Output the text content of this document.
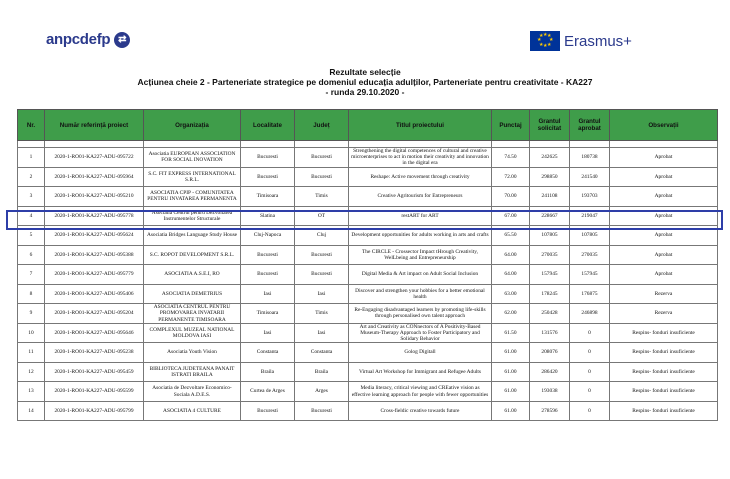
anpcdefp ⇄	★ ★
★
★
★
★
★
★ Erasmus+
Rezultate selecție
Acțiunea cheie 2 - Parteneriate strategice pe domeniul educația adulților, Parteneriate pentru creativitate - KA227
- runda 29.10.2020 -
Nr.	Număr referință proiect	Organizația	Localitate	Județ	Titlul proiectului	Punctaj	Grantul solicitat	Grantul aprobat	Observații

1	2020-1-RO01-KA227-ADU-095722	Asociatia EUROPEAN ASSOCIATION FOR SOCIAL INOVATION	Bucuresti	Bucuresti	Strengthening the digital competences of cultural and creative microenterprises to act in motion their creativity and innovation in the digital era	74.50	242625	180738	Aprobat
2	2020-1-RO01-KA227-ADU-095964	S.C. FIT EXPRESS INTERNATIONAL S.R.L.	Bucuresti	Bucuresti	Reshape: Active movement through creativity	72.00	298850	241540	Aprobat
3	2020-1-RO01-KA227-ADU-095210	ASOCIATIA CPIP - COMUNITATEA PENTRU INVATAREA PERMANENTA	Timisoara	Timis	Creative Agritourism for Entrepreneurs	70.00	241108	193703	Aprobat
4	2020-1-RO01-KA227-ADU-095778	Asociatia Centrul pentru Dezvoltarea Instrumentelor Structurale	Slatina	OT	restART for ART	67.00	228667	219047	Aprobat
5	2020-1-RO01-KA227-ADU-095624	Asociatia Bridges Language Study House	Cluj-Napoca	Cluj	Development opportunities for adults working in arts and crafts	65.50	107805	107805	Aprobat
6	2020-1-RO01-KA227-ADU-095388	S.C. ROPOT DEVELOPMENT S.R.L.	Bucuresti	Bucuresti	The CIRCLE - Crossector Impact tHrough Creativity, WelLbeing and Entrepreneurship	64.00	270035	270035	Aprobat
7	2020-1-RO01-KA227-ADU-095779	ASOCIATIA A.S.E.I, RO	Bucuresti	Bucuresti	Digital Media & Art impact on Adult Social Inclusion	64.00	157945	157945	Aprobat
8	2020-1-RO01-KA227-ADU-095406	ASOCIATIA DEMETRIUS	Iasi	Iasi	Discover and strengthen your hobbies for a better emotional health	63.00	178245	176875	Rezerva
9	2020-1-RO01-KA227-ADU-095204	ASOCIATIA CENTRUL PENTRU PROMOVAREA INVATARII PERMANENTE TIMISOARA	Timisoara	Timis	Re-Engaging disadvantaged learners by promoting life-skills through personalised own talent approach	62.00	250428	246898	Rezerva
10	2020-1-RO01-KA227-ADU-095646	COMPLEXUL MUZEAL NATIONAL MOLDOVA IASI	Iasi	Iasi	Art and Creativity as CONnectors of A Positivity-Based Museum-Therapy Approach to Foster Participatory and Solidary Behavior	61.50	131576	0	Respins- fonduri insuficiente
11	2020-1-RO01-KA227-ADU-095238	Asociatia Youth Vision	Constanta	Constanta	Golog Digitall	61.00	208076	0	Respins- fonduri insuficiente
12	2020-1-RO01-KA227-ADU-095459	BIBLIOTECA JUDETEANA PANAIT ISTRATI BRAILA	Braila	Braila	Virtual Art Workshop for Immigrant and Refugee Adults	61.00	286420	0	Respins- fonduri insuficiente
13	2020-1-RO01-KA227-ADU-095599	Asociatia de Dezvoltare Economico-Sociala A.D.E.S.	Curtea de Arges	Arges	Media literacy, critical viewing and CREative vision as effective learning approach for people with fewer opportunities	61.00	193038	0	Respins- fonduri insuficiente
14	2020-1-RO01-KA227-ADU-095799	ASOCIATIA 4 CULTURE	Bucuresti	Bucuresti	Cross-fieldic creative towards future	61.00	278596	0	Respins- fonduri insuficiente
